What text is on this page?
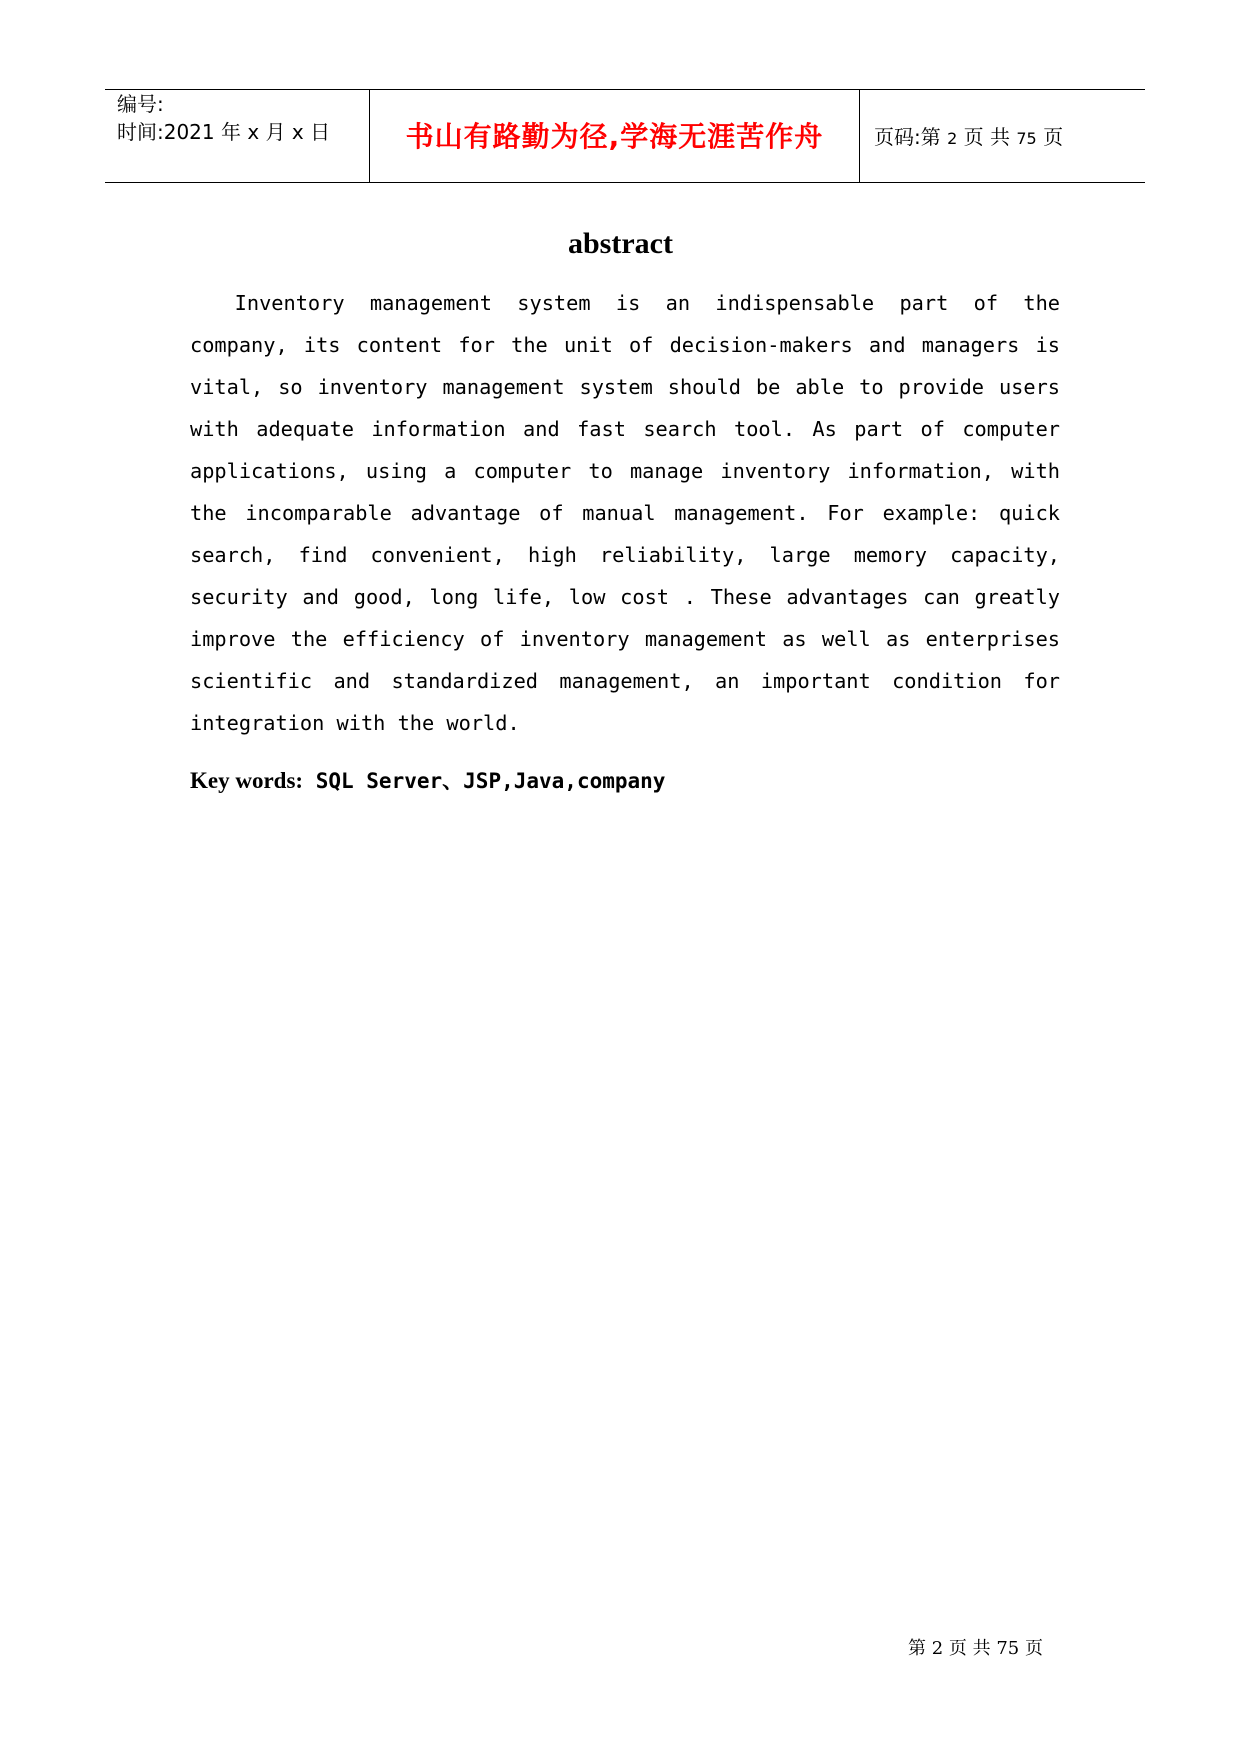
编号:
时间:2021 年 x 月 x 日	书山有路勤为径,学海无涯苦作舟	页码:第 2 页 共 75 页
abstract

Inventory management system is an indispensable part of the company, its content for the unit of decision-makers and managers is vital, so inventory management system should be able to provide users with adequate information and fast search tool. As part of computer applications, using a computer to manage inventory information, with the incomparable advantage of manual management. For example: quick search, find convenient, high reliability, large memory capacity, security and good, long life, low cost . These advantages can greatly improve the efficiency of inventory management as well as enterprises scientific and standardized management, an important condition for integration with the world.

Key words: SQL Server、JSP,Java,company
第 2 页 共 75 页
